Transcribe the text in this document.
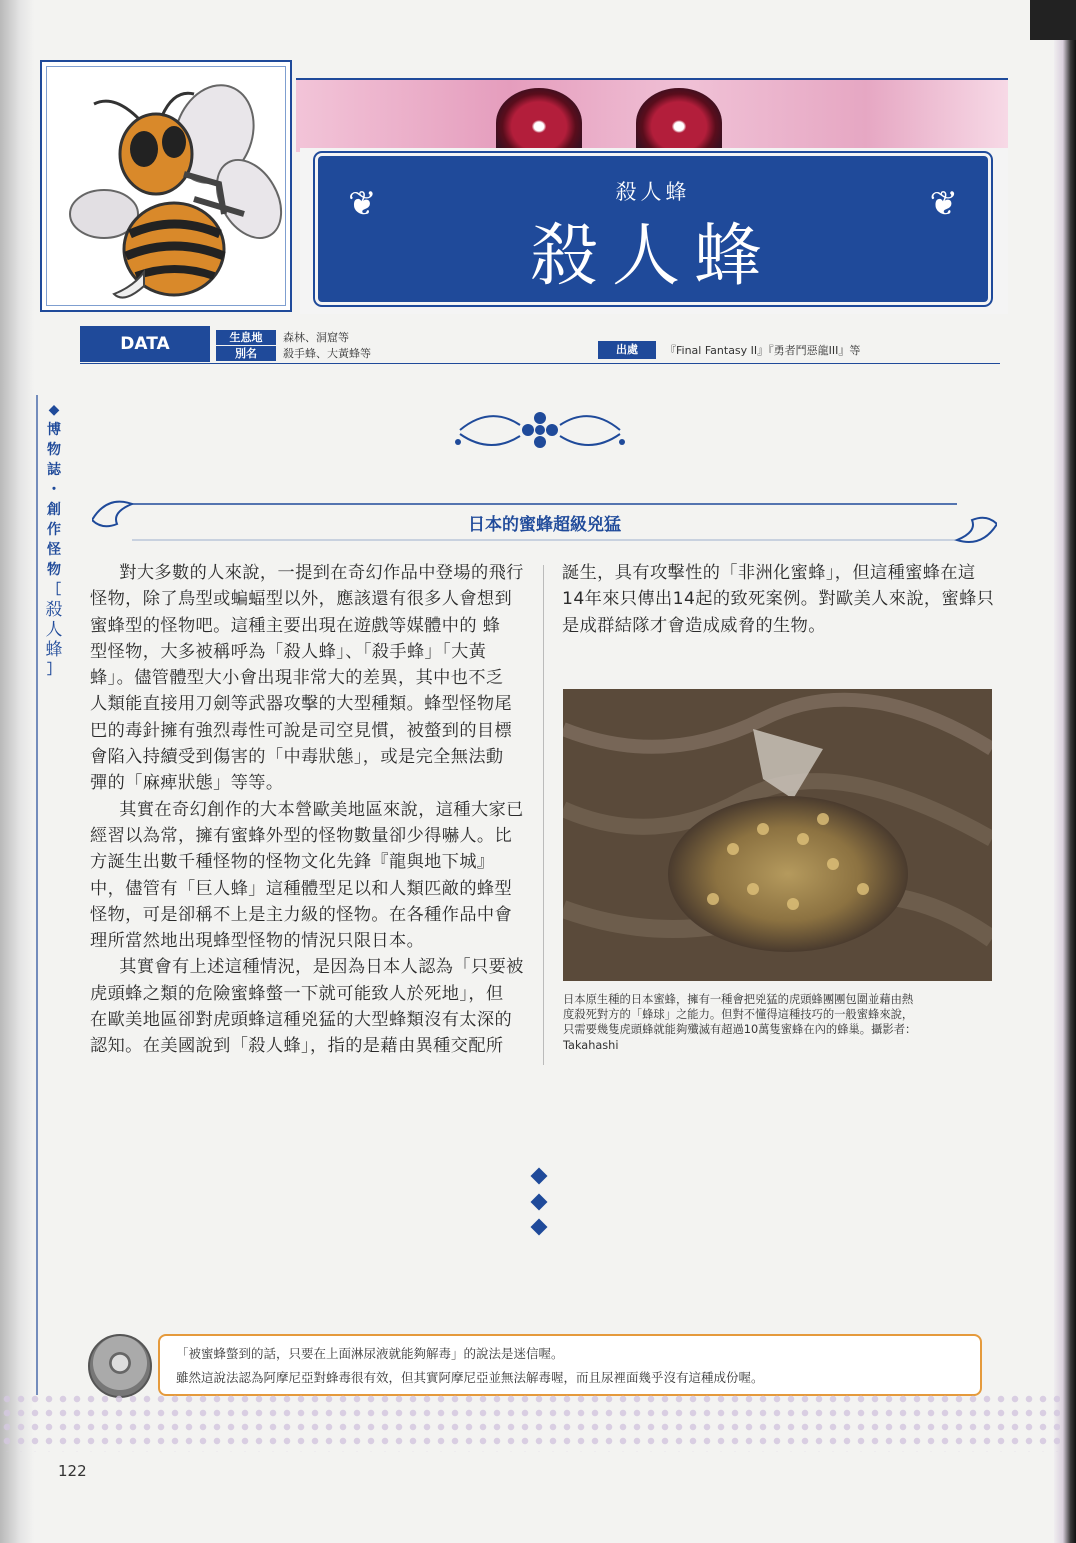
❦	❦
殺人蜂
殺人蜂
DATA	生息地	森林、洞窟等
別名	殺手蜂、大黃蜂等	出處	『Final Fantasy II』『勇者鬥惡龍III』等
◆
博
物
誌
・
創
作
怪
物
［
殺
人
蜂
］
日本的蜜蜂超級兇猛

對大多數的人來說，一提到在奇幻作品中登場的飛行
怪物，除了鳥型或蝙蝠型以外，應該還有很多人會想到
蜜蜂型的怪物吧。這種主要出現在遊戲等媒體中的 蜂
型怪物，大多被稱呼為「殺人蜂」、「殺手蜂」「大黃
蜂」。儘管體型大小會出現非常大的差異，其中也不乏
人類能直接用刀劍等武器攻擊的大型種類。蜂型怪物尾
巴的毒針擁有強烈毒性可說是司空見慣，被螫到的目標
會陷入持續受到傷害的「中毒狀態」，或是完全無法動
彈的「麻痺狀態」等等。

其實在奇幻創作的大本營歐美地區來說，這種大家已
經習以為常，擁有蜜蜂外型的怪物數量卻少得嚇人。比
方誕生出數千種怪物的怪物文化先鋒『龍與地下城』
中，儘管有「巨人蜂」這種體型足以和人類匹敵的蜂型
怪物，可是卻稱不上是主力級的怪物。在各種作品中會
理所當然地出現蜂型怪物的情況只限日本。

其實會有上述這種情況，是因為日本人認為「只要被
虎頭蜂之類的危險蜜蜂螫一下就可能致人於死地」，但
在歐美地區卻對虎頭蜂這種兇猛的大型蜂類沒有太深的
認知。在美國說到「殺人蜂」，指的是藉由異種交配所

誕生，具有攻擊性的「非洲化蜜蜂」，但這種蜜蜂在這
14年來只傳出14起的致死案例。對歐美人來說，蜜蜂只
是成群結隊才會造成威脅的生物。
日本原生種的日本蜜蜂，擁有一種會把兇猛的虎頭蜂團團包圍並藉由熱
度殺死對方的「蜂球」之能力。但對不懂得這種技巧的一般蜜蜂來說，
只需要幾隻虎頭蜂就能夠殲滅有超過10萬隻蜜蜂在內的蜂巢。攝影者：
Takahashi
「被蜜蜂螫到的話，只要在上面淋尿液就能夠解毒」的說法是迷信喔。
雖然這說法認為阿摩尼亞對蜂毒很有效，但其實阿摩尼亞並無法解毒喔，而且尿裡面幾乎沒有這種成份喔。
122
